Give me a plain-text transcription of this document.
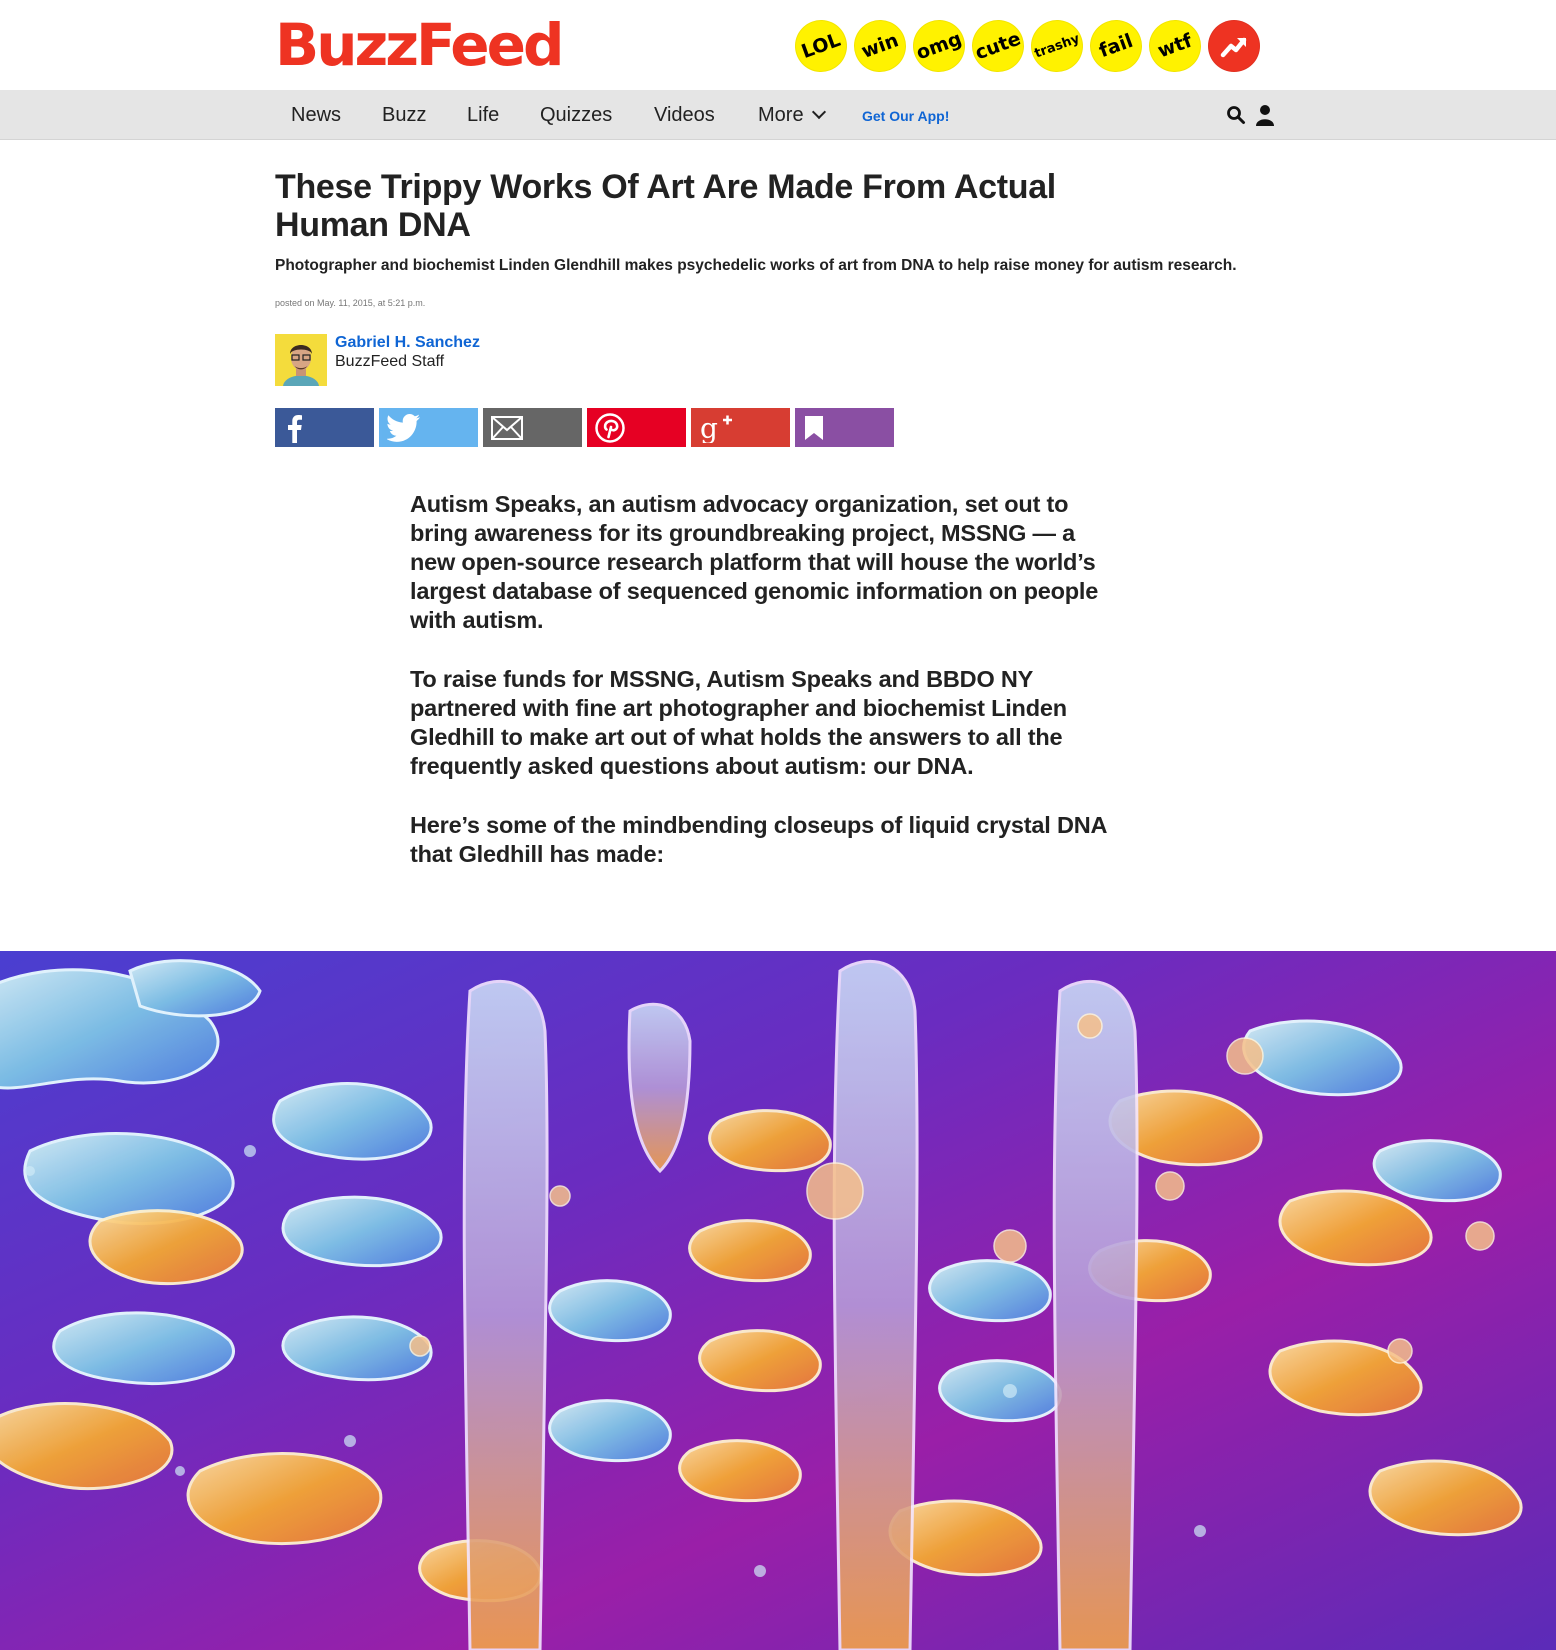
BuzzFeed	LOL win omg cute trashy fail	wtf
News Buzz Life Quizzes Videos More	Get Our App!
These Trippy Works Of Art Are Made From Actual Human DNA

Photographer and biochemist Linden Glendhill makes psychedelic works of art from DNA to help raise money for autism research.

posted on May. 11, 2015, at 5:21 p.m.
Gabriel H. Sanchez
BuzzFeed Staff
g

Autism Speaks, an autism advocacy organization, set out to bring awareness for its groundbreaking project, MSSNG — a new open-source research platform that will house the world’s largest database of sequenced genomic information on people with autism.

To raise funds for MSSNG, Autism Speaks and BBDO NY partnered with fine art photographer and biochemist Linden Gledhill to make art out of what holds the answers to all the frequently asked questions about autism: our DNA.

Here’s some of the mindbending closeups of liquid crystal DNA that Gledhill has made:
